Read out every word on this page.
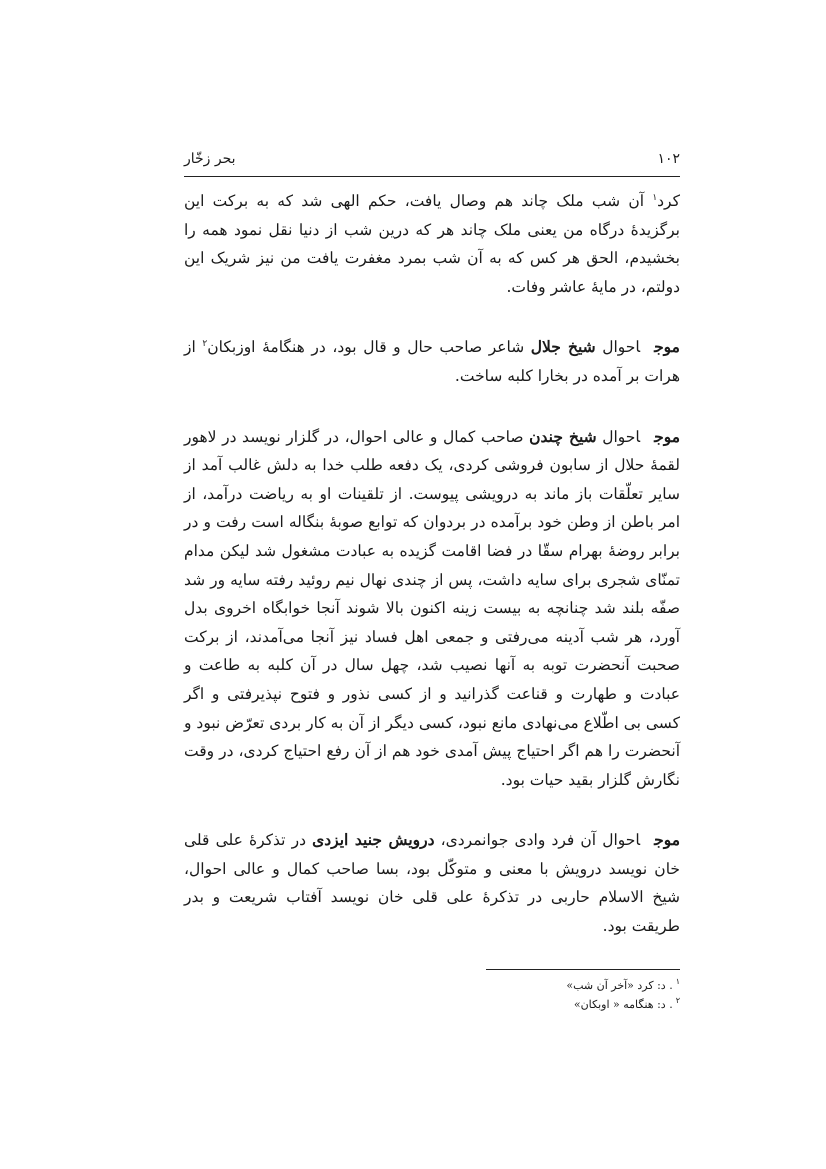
۱۰۲
بحر زخّار

کرد$^۱$ آن شب ملک چاند هم وصال یافت، حکم الهی شد که به برکت این برگزیدۀ درگاه من یعنی ملک چاند هر که درین شب از دنیا نقل نمود همه را بخشیدم، الحق هر کس که به آن شب بمرد مغفرت یافت من نیز شریک این دولتم، در مایۀ عاشر وفات.

موجاحوال شیخ جلال شاعر صاحب حال و قال بود، در هنگامۀ اوزبکان$^۲$ از هرات بر آمده در بخارا کلبه ساخت.

موجاحوال شیخ چندن صاحب کمال و عالی احوال، در گلزار نویسد در لاهور لقمۀ حلال از سابون فروشی کردی، یک دفعه طلب خدا به دلش غالب آمد از سایر تعلّقات باز ماند به درویشی پیوست. از تلقینات او به ریاضت درآمد، از امر باطن از وطن خود برآمده در بردوان که توابع صوبۀ بنگاله است رفت و در برابر روضۀ بهرام سقّا در فضا اقامت گزیده به عبادت مشغول شد لیکن مدام تمنّای شجری برای سایه داشت، پس از چندی نهال نیم روئید رفته سایه ور شد صفّه بلند شد چنانچه به بیست زینه اکنون بالا شوند آنجا خوابگاه اخروی بدل آورد، هر شب آدینه می‌رفتی و جمعی اهل فساد نیز آنجا می‌آمدند، از برکت صحبت آنحضرت توبه به آنها نصیب شد، چهل سال در آن کلبه به طاعت و عبادت و طهارت و قناعت گذرانید و از کسی نذور و فتوح نپذیرفتی و اگر کسی بی اطّلاع می‌نهادی مانع نبود، کسی دیگر از آن به کار بردی تعرّض نبود و آنحضرت را هم اگر احتیاج پیش آمدی خود هم از آن رفع احتیاج کردی، در وقت نگارش گلزار بقید حیات بود.

موجاحوال آن فرد وادی جوانمردی، درویش جنید ایزدی در تذکرۀ علی قلی خان نویسد درویش با معنی و متوکّل بود، بسا صاحب کمال و عالی احوال، شیخ الاسلام حاربی در تذکرۀ علی قلی خان نویسد آفتاب شریعت و بدر طریقت بود.

$^۱$. د: کرد «آخر آن شب»

$^۲$. د: هنگامه « اوبکان»
